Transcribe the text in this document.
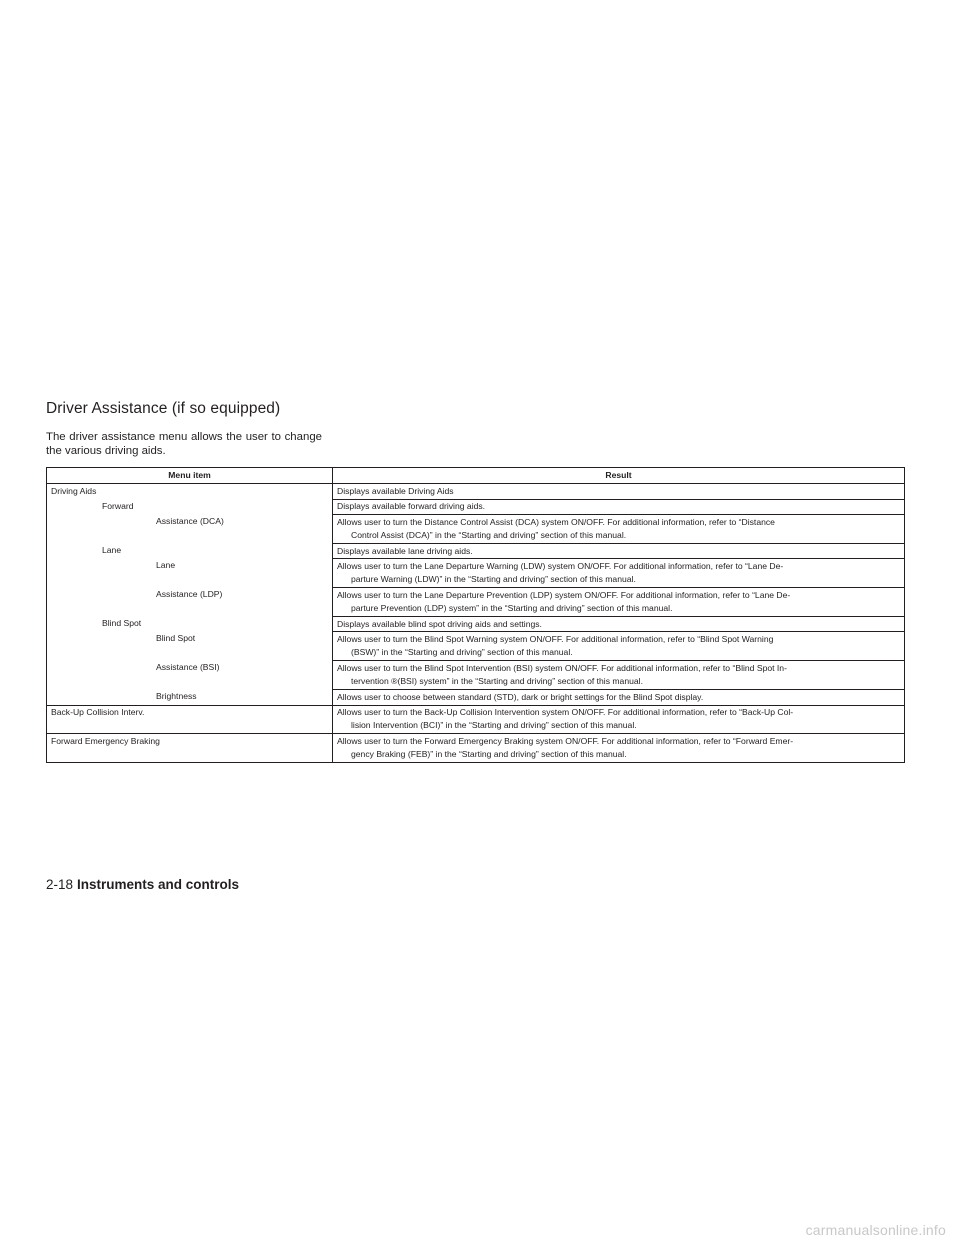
Driver Assistance (if so equipped)

The driver assistance menu allows the user to change the various driving aids.

Menu item	Result

Driving Aids	Displays available Driving Aids

Forward	Displays available forward driving aids.

Assistance (DCA)	Allows user to turn the Distance Control Assist (DCA) system ON/OFF. For additional information, refer to “Distance
Control Assist (DCA)” in the “Starting and driving” section of this manual.

Lane	Displays available lane driving aids.

Lane	Allows user to turn the Lane Departure Warning (LDW) system ON/OFF. For additional information, refer to “Lane De-
parture Warning (LDW)” in the “Starting and driving” section of this manual.

Assistance (LDP)	Allows user to turn the Lane Departure Prevention (LDP) system ON/OFF. For additional information, refer to “Lane De-
parture Prevention (LDP) system” in the “Starting and driving” section of this manual.

Blind Spot	Displays available blind spot driving aids and settings.

Blind Spot	Allows user to turn the Blind Spot Warning system ON/OFF. For additional information, refer to “Blind Spot Warning
(BSW)” in the “Starting and driving” section of this manual.

Assistance (BSI)	Allows user to turn the Blind Spot Intervention (BSI) system ON/OFF. For additional information, refer to “Blind Spot In-
tervention ®(BSI) system” in the “Starting and driving” section of this manual.

Brightness	Allows user to choose between standard (STD), dark or bright settings for the Blind Spot display.

Back-Up Collision Interv.	Allows user to turn the Back-Up Collision Intervention system ON/OFF. For additional information, refer to “Back-Up Col-
lision Intervention (BCI)” in the “Starting and driving” section of this manual.

Forward Emergency Braking	Allows user to turn the Forward Emergency Braking system ON/OFF. For additional information, refer to “Forward Emer-
gency Braking (FEB)” in the “Starting and driving” section of this manual.
2-18 Instruments and controls
carmanualsonline.info
